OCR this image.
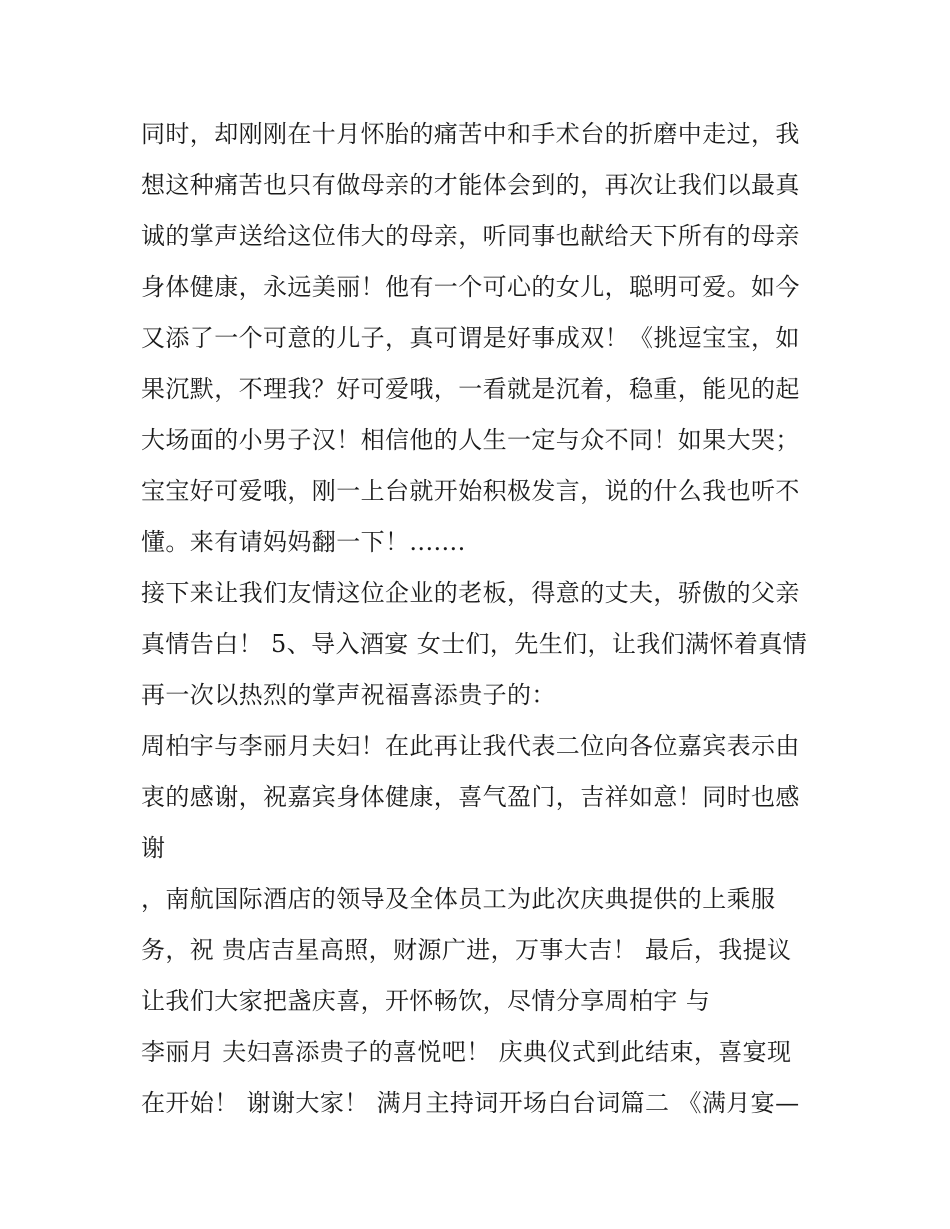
同时，却刚刚在十月怀胎的痛苦中和手术台的折磨中走过，我
想这种痛苦也只有做母亲的才能体会到的，再次让我们以最真
诚的掌声送给这位伟大的母亲，听同事也献给天下所有的母亲
身体健康，永远美丽！他有一个可心的女儿，聪明可爱。如今
又添了一个可意的儿子，真可谓是好事成双！《挑逗宝宝，如
果沉默，不理我？好可爱哦，一看就是沉着，稳重，能见的起
大场面的小男子汉！相信他的人生一定与众不同！如果大哭；
宝宝好可爱哦，刚一上台就开始积极发言，说的什么我也听不
懂。来有请妈妈翻一下！.......
接下来让我们友情这位企业的老板，得意的丈夫，骄傲的父亲
真情告白！ 5、导入酒宴 女士们，先生们，让我们满怀着真情
再一次以热烈的掌声祝福喜添贵子的：
周柏宇与李丽月夫妇！在此再让我代表二位向各位嘉宾表示由
衷的感谢，祝嘉宾身体健康，喜气盈门，吉祥如意！同时也感
谢
，南航国际酒店的领导及全体员工为此次庆典提供的上乘服
务，祝 贵店吉星高照，财源广进，万事大吉！ 最后，我提议
让我们大家把盏庆喜，开怀畅饮，尽情分享周柏宇 与
李丽月 夫妇喜添贵子的喜悦吧！ 庆典仪式到此结束，喜宴现
在开始！ 谢谢大家！ 满月主持词开场白台词篇二 《满月宴—
